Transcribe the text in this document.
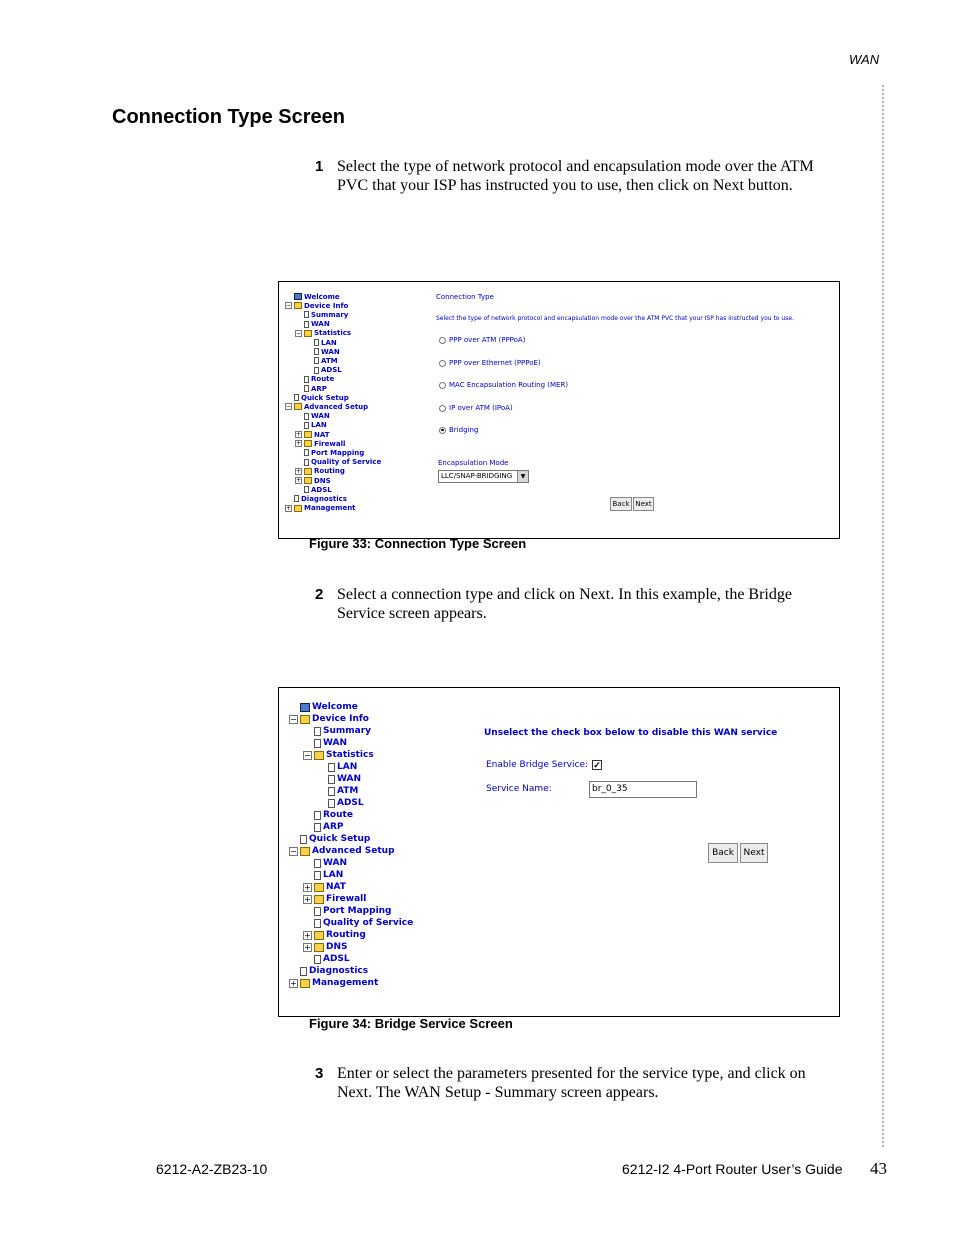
WAN
Connection Type Screen
1 Select the type of network protocol and encapsulation mode over the ATM PVC that your ISP has instructed you to use, then click on Next button.
Welcome
− Device Info
Summary
WAN
− Statistics
LAN
WAN
ATM
ADSL
Route
ARP
Quick Setup
− Advanced Setup
WAN
LAN
+ NAT
+ Firewall
Port Mapping
Quality of Service
+ Routing
+ DNS
ADSL
Diagnostics
+ Management
Connection Type
Select the type of network protocol and encapsulation mode over the ATM PVC that your ISP has instructed you to use.
PPP over ATM (PPPoA)
PPP over Ethernet (PPPoE)
MAC Encapsulation Routing (MER)
IP over ATM (IPoA)
Bridging
Encapsulation Mode
LLC/SNAP-BRIDGING	▼
Back Next
Figure 33: Connection Type Screen
2 Select a connection type and click on Next. In this example, the Bridge Service screen appears.
Welcome
− Device Info
Summary
WAN
− Statistics
LAN
WAN
ATM
ADSL
Route
ARP
Quick Setup
− Advanced Setup
WAN
LAN
+ NAT
+ Firewall
Port Mapping
Quality of Service
+ Routing
+ DNS
ADSL
Diagnostics
+ Management
Unselect the check box below to disable this WAN service
Enable Bridge Service: ✓
Service Name:	br_0_35
Back	Next
Figure 34: Bridge Service Screen
3 Enter or select the parameters presented for the service type, and click on Next. The WAN Setup - Summary screen appears.
6212-A2-ZB23-10	6212-I2 4-Port Router User’s Guide 43
